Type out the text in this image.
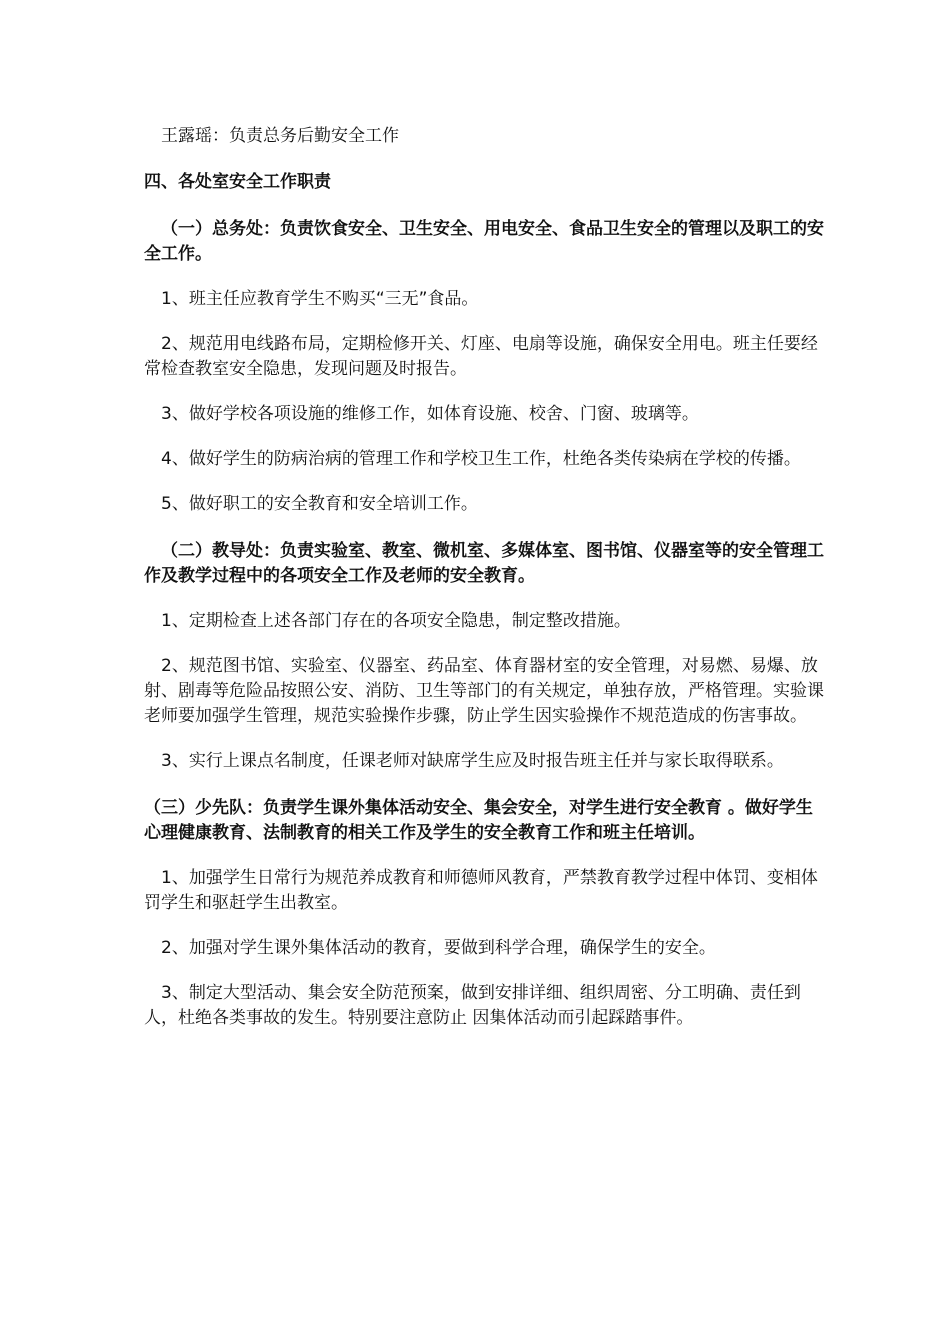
王露瑶：负责总务后勤安全工作

四、各处室安全工作职责

（一）总务处：负责饮食安全、卫生安全、用电安全、食品卫生安全的管理以及职工的安全工作。

1、班主任应教育学生不购买“三无”食品。

2、规范用电线路布局，定期检修开关、灯座、电扇等设施，确保安全用电。班主任要经常检查教室安全隐患，发现问题及时报告。

3、做好学校各项设施的维修工作，如体育设施、校舍、门窗、玻璃等。

4、做好学生的防病治病的管理工作和学校卫生工作，杜绝各类传染病在学校的传播。

5、做好职工的安全教育和安全培训工作。

（二）教导处：负责实验室、教室、微机室、多媒体室、图书馆、仪器室等的安全管理工作及教学过程中的各项安全工作及老师的安全教育。

1、定期检查上述各部门存在的各项安全隐患，制定整改措施。

2、规范图书馆、实验室、仪器室、药品室、体育器材室的安全管理，对易燃、易爆、放射、剧毒等危险品按照公安、消防、卫生等部门的有关规定，单独存放，严格管理。实验课老师要加强学生管理，规范实验操作步骤，防止学生因实验操作不规范造成的伤害事故。

3、实行上课点名制度，任课老师对缺席学生应及时报告班主任并与家长取得联系。

（三）少先队：负责学生课外集体活动安全、集会安全，对学生进行安全教育 。做好学生心理健康教育、法制教育的相关工作及学生的安全教育工作和班主任培训。

1、加强学生日常行为规范养成教育和师德师风教育，严禁教育教学过程中体罚、变相体罚学生和驱赶学生出教室。

2、加强对学生课外集体活动的教育，要做到科学合理，确保学生的安全。

3、制定大型活动、集会安全防范预案，做到安排详细、组织周密、分工明确、责任到人，杜绝各类事故的发生。特别要注意防止 因集体活动而引起踩踏事件。
